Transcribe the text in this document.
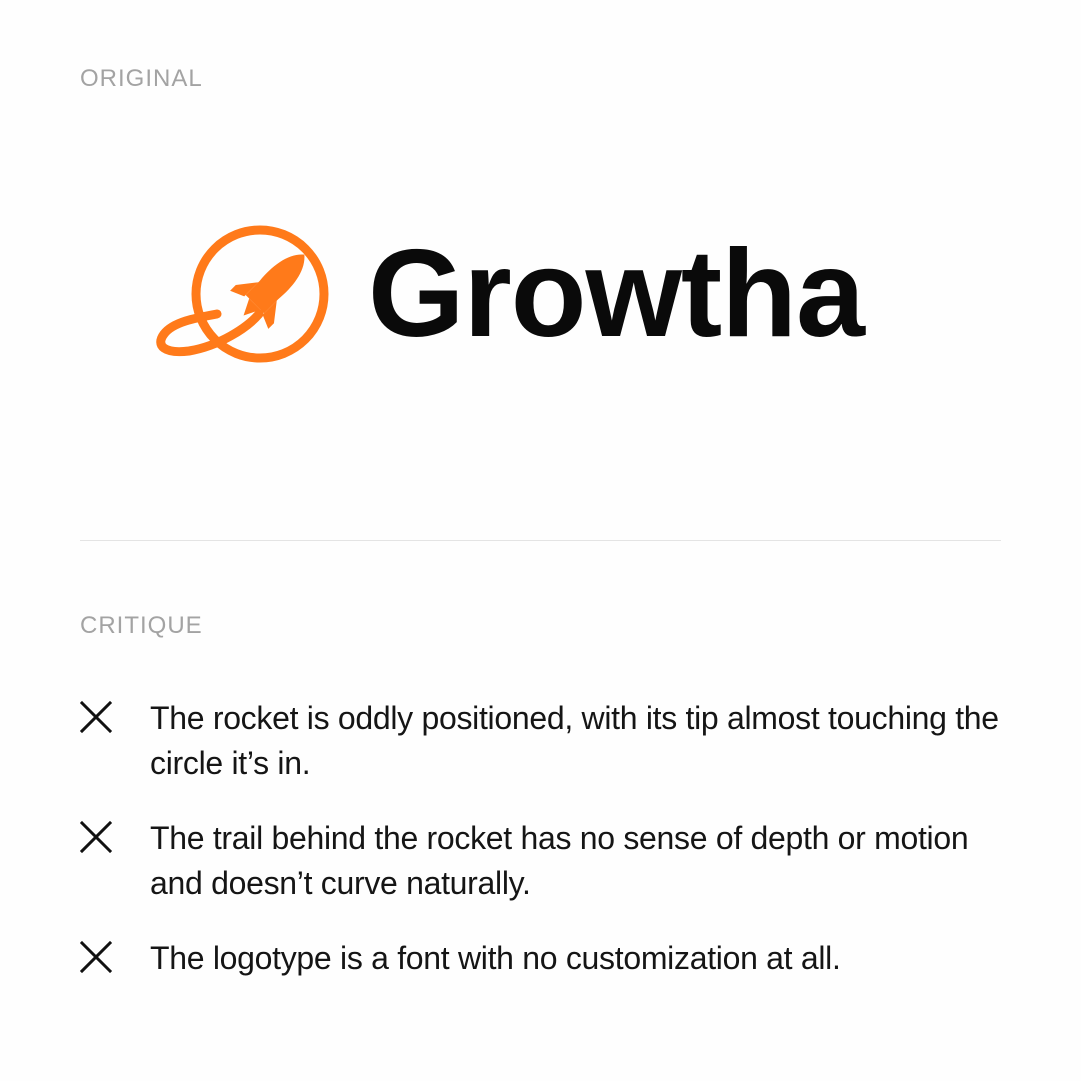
ORIGINAL
Growtha
CRITIQUE
The rocket is oddly positioned, with its tip almost touching the circle it’s in.
The trail behind the rocket has no sense of depth or motion and doesn’t curve naturally.
The logotype is a font with no customization at all.
